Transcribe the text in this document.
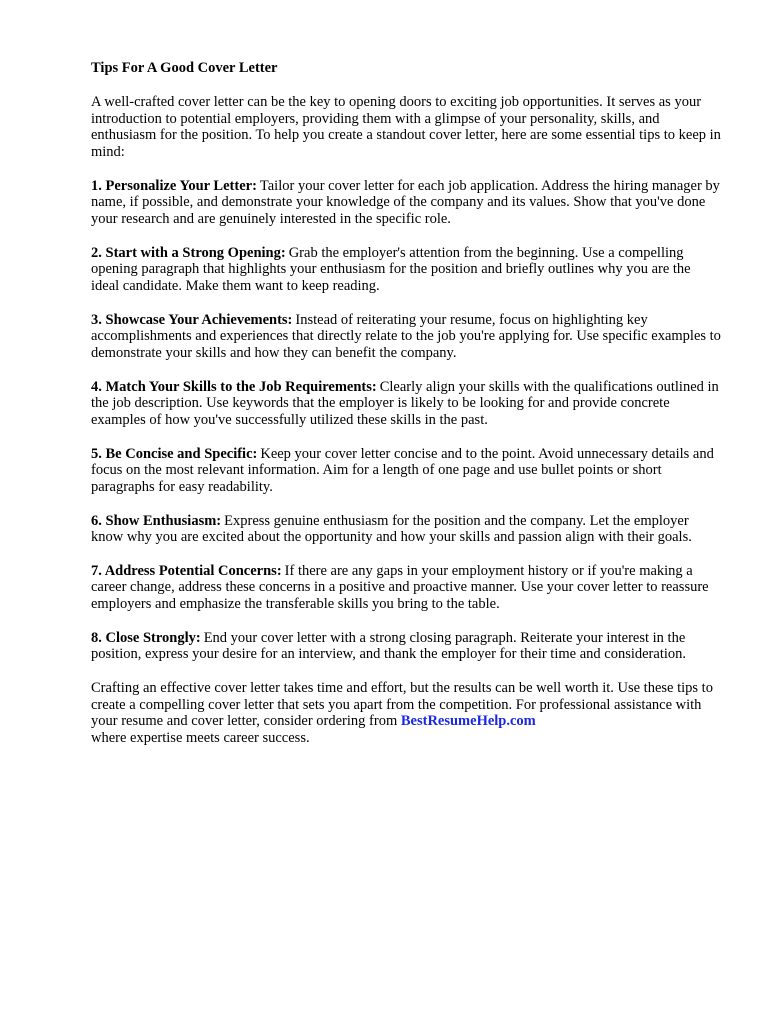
Tips For A Good Cover Letter

A well-crafted cover letter can be the key to opening doors to exciting job opportunities. It serves as your introduction to potential employers, providing them with a glimpse of your personality, skills, and enthusiasm for the position. To help you create a standout cover letter, here are some essential tips to keep in mind:

1. Personalize Your Letter: Tailor your cover letter for each job application. Address the hiring manager by name, if possible, and demonstrate your knowledge of the company and its values. Show that you've done your research and are genuinely interested in the specific role.

2. Start with a Strong Opening: Grab the employer's attention from the beginning. Use a compelling opening paragraph that highlights your enthusiasm for the position and briefly outlines why you are the ideal candidate. Make them want to keep reading.

3. Showcase Your Achievements: Instead of reiterating your resume, focus on highlighting key accomplishments and experiences that directly relate to the job you're applying for. Use specific examples to demonstrate your skills and how they can benefit the company.

4. Match Your Skills to the Job Requirements: Clearly align your skills with the qualifications outlined in the job description. Use keywords that the employer is likely to be looking for and provide concrete examples of how you've successfully utilized these skills in the past.

5. Be Concise and Specific: Keep your cover letter concise and to the point. Avoid unnecessary details and focus on the most relevant information. Aim for a length of one page and use bullet points or short paragraphs for easy readability.

6. Show Enthusiasm: Express genuine enthusiasm for the position and the company. Let the employer know why you are excited about the opportunity and how your skills and passion align with their goals.

7. Address Potential Concerns: If there are any gaps in your employment history or if you're making a career change, address these concerns in a positive and proactive manner. Use your cover letter to reassure employers and emphasize the transferable skills you bring to the table.

8. Close Strongly: End your cover letter with a strong closing paragraph. Reiterate your interest in the position, express your desire for an interview, and thank the employer for their time and consideration.

Crafting an effective cover letter takes time and effort, but the results can be well worth it. Use these tips to create a compelling cover letter that sets you apart from the competition. For professional assistance with your resume and cover letter, consider ordering from BestResumeHelp.com
where expertise meets career success.
